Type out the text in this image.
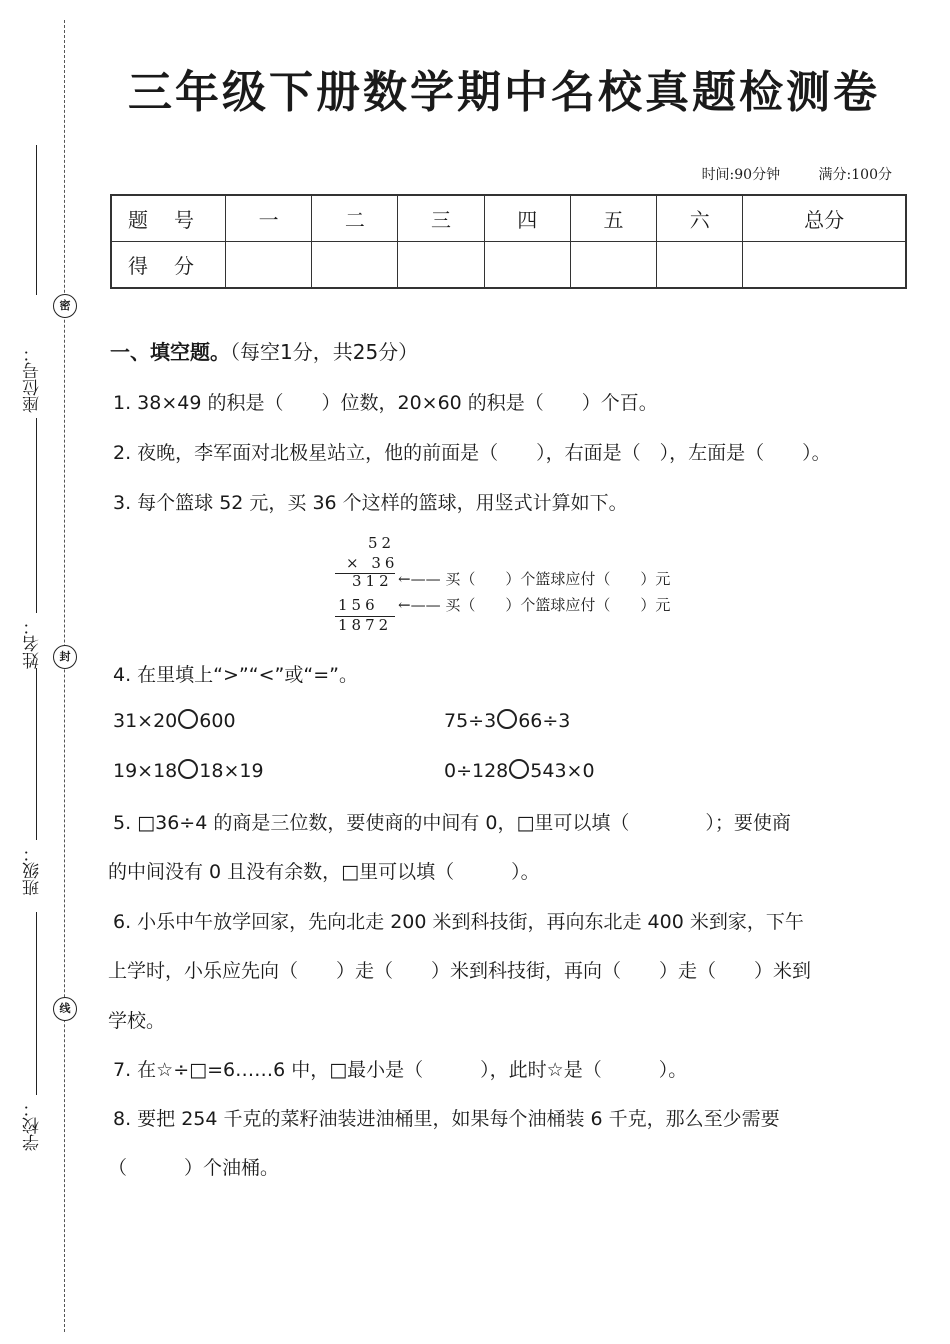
密
封
线
座位号：
姓名：
班级：
学校：
三年级下册数学期中名校真题检测卷
时间:90分钟	满分:100分
题号	一	二	三	四	五	六	总分
得分							
一、填空题。（每空1分，共25分）
1. 38×49 的积是（　　）位数，20×60 的积是（　　）个百。
2. 夜晚，李军面对北极星站立，他的前面是（　　），右面是（　），左面是（　　）。
3. 每个篮球 52 元，买 36 个这样的篮球，用竖式计算如下。
52
× 36
312 ←—— 买（　　）个篮球应付（　　）元
156 ←—— 买（　　）个篮球应付（　　）元
1872
4. 在里填上“>”“<”或“=”。
31×20 600	75÷3 66÷3
19×18 18×19	0÷128 543×0
5. □36÷4 的商是三位数，要使商的中间有 0，□里可以填（　　　　）；要使商
的中间没有 0 且没有余数，□里可以填（　　　）。
6. 小乐中午放学回家，先向北走 200 米到科技街，再向东北走 400 米到家，下午
上学时，小乐应先向（　　）走（　　）米到科技街，再向（　　）走（　　）米到
学校。
7. 在☆÷□=6……6 中，□最小是（　　　），此时☆是（　　　）。
8. 要把 254 千克的菜籽油装进油桶里，如果每个油桶装 6 千克，那么至少需要
（　　　）个油桶。
